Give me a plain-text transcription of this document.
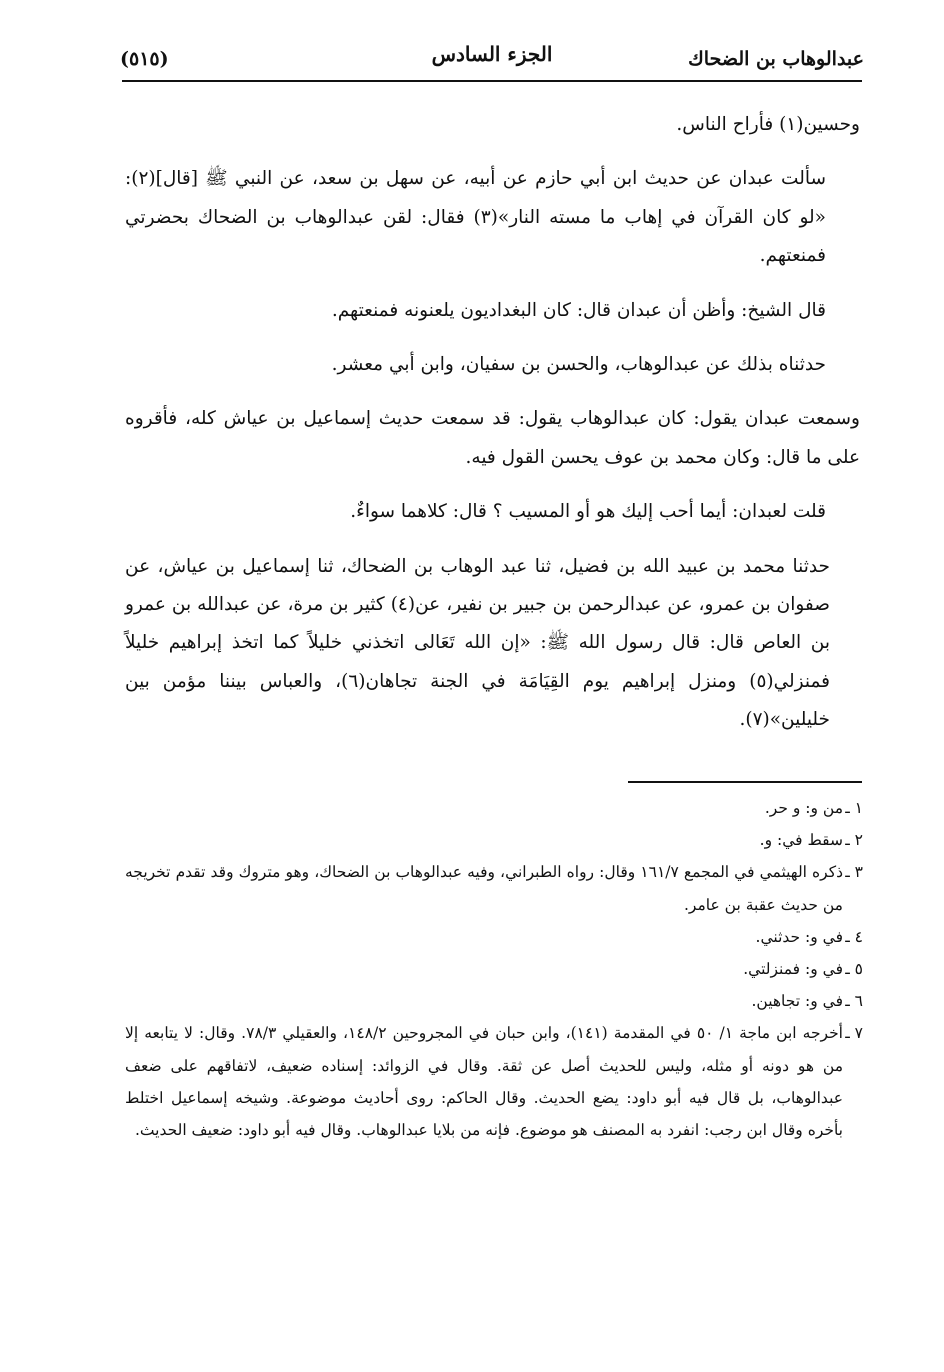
عبدالوهاب بن الضحاك
الجزء السادس
(٥١٥)

وحسين(١) فأراح الناس.

سألت عبدان عن حديث ابن أبي حازم عن أبيه، عن سهل بن سعد، عن النبي ﷺ [قال](٢): «لو كان القرآن في إهاب ما مسته النار»(٣) فقال: لقن عبدالوهاب بن الضحاك بحضرتي فمنعتهم.

قال الشيخ: وأظن أن عبدان قال: كان البغداديون يلعنونه فمنعتهم.

حدثناه بذلك عن عبدالوهاب، والحسن بن سفيان، وابن أبي معشر.

وسمعت عبدان يقول: كان عبدالوهاب يقول: قد سمعت حديث إسماعيل بن عياش كله، فأقروه على ما قال: وكان محمد بن عوف يحسن القول فيه.

قلت لعبدان: أيما أحب إليك هو أو المسيب ؟ قال: كلاهما سواءٌ.

حدثنا محمد بن عبيد الله بن فضيل، ثنا عبد الوهاب بن الضحاك، ثنا إسماعيل بن عياش، عن صفوان بن عمرو، عن عبدالرحمن بن جبير بن نفير، عن(٤) كثير بن مرة، عن عبدالله بن عمرو بن العاص قال: قال رسول الله ﷺ: «إن الله تَعَالى اتخذني خليلاً كما اتخذ إبراهيم خليلاً فمنزلي(٥) ومنزل إبراهيم يوم القِيَامَة في الجنة تجاهان(٦)، والعباس بيننا مؤمن بين خليلين»(٧).

١ ـ
من و: و حر.
٢ ـ
سقط في: و.
٣ ـ
ذكره الهيثمي في المجمع ١٦١/٧ وقال: رواه الطبراني، وفيه عبدالوهاب بن الضحاك، وهو متروك وقد تقدم تخريجه من حديث عقبة بن عامر.
٤ ـ
في و: حدثني.
٥ ـ
في و: فمنزلتي.
٦ ـ
في و: تجاهين.
٧ ـ
أخرجه ابن ماجة ١/ ٥٠ في المقدمة (١٤١)، وابن حبان في المجروحين ١٤٨/٢، والعقيلي ٧٨/٣. وقال: لا يتابعه إلا من هو دونه أو مثله، وليس للحديث أصل عن ثقة. وقال في الزوائد: إسناده ضعيف، لاتفاقهم على ضعف عبدالوهاب، بل قال فيه أبو داود: يضع الحديث. وقال الحاكم: روى أحاديث موضوعة. وشيخه إسماعيل اختلط بأخره وقال ابن رجب: انفرد به المصنف هو موضوع. فإنه من بلايا عبدالوهاب. وقال فيه أبو داود: ضعيف الحديث.
